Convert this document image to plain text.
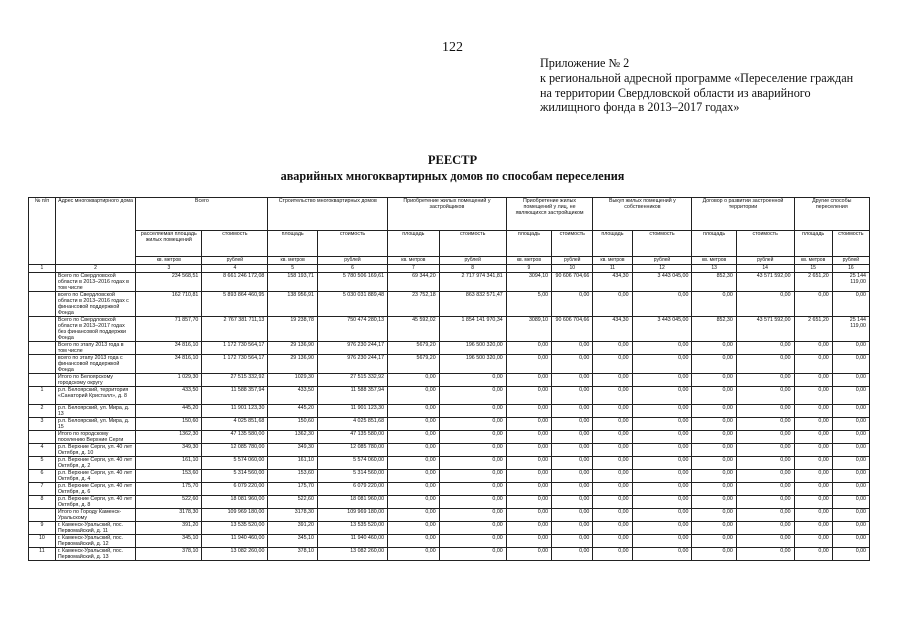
122
Приложение № 2
к региональной адресной программе «Переселение граждан
на территории Свердловской области из аварийного
жилищного фонда в 2013–2017 годах»
РЕЕСТР
аварийных многоквартирных домов по способам переселения
№ п/п	Адрес многоквартирного дома	Всего		Строительство многоквартирных домов		Приобретение жилых помещений у застройщиков		Приобретение жилых помещений у лиц, не являющихся застройщиком		Выкуп жилых помещений у собственников		Договор о развитии застроенной территории		Другие способы переселения	
		расселяемая площадь жилых помещений	стоимость	площадь	стоимость	площадь	стоимость	площадь	стоимость	площадь	стоимость	площадь	стоимость	площадь	стоимость
		кв. метров	рублей	кв. метров	рублей	кв. метров	рублей	кв. метров	рублей	кв. метров	рублей	кв. метров	рублей	кв. метров	рублей
1	2	3	4	5	6	7	8	9	10	11	12	13	14	15	16
	Всего по Свердловской области в 2013–2016 годах в том числе	234 568,51	8 661 246 172,08	158 193,71	5 780 506 169,61	69 344,20	2 717 974 341,81	3094,10	90 606 704,66	434,30	3 443 045,00	852,30	43 571 592,00	2 651,20	25 144 119,00
	всего по Свердловской области в 2013–2016 годах с финансовой поддержкой Фонда	162 710,81	5 893 864 460,95	138 956,91	5 030 031 889,48	23 752,18	863 832 571,47	5,00	0,00	0,00	0,00	0,00	0,00	0,00	0,00
	Всего по Свердловской области в 2013–2017 годах без финансовой поддержки Фонда	71 857,70	2 767 381 711,13	19 238,78	750 474 280,13	45 592,02	1 854 141 970,34	3089,10	90 606 704,66	434,30	3 443 045,00	852,30	43 571 592,00	2 651,20	25 144 119,00
	Всего по этапу 2013 года в том числе	34 816,10	1 172 730 564,17	29 136,90	976 230 244,17	5679,20	196 500 320,00	0,00	0,00	0,00	0,00	0,00	0,00	0,00	0,00
	всего по этапу 2013 года с финансовой поддержкой Фонда	34 816,10	1 172 730 564,17	29 136,90	976 230 244,17	5679,20	196 500 320,00	0,00	0,00	0,00	0,00	0,00	0,00	0,00	0,00
	Итого по Белоярскому городскому округу	1 029,30	27 515 332,92	1029,30	27 515 332,92	0,00	0,00	0,00	0,00	0,00	0,00	0,00	0,00	0,00	0,00
1	р.п. Белоярский, территория «Санаторий Кристалл», д. 8	433,50	11 588 357,94	433,50	11 588 357,94	0,00	0,00	0,00	0,00	0,00	0,00	0,00	0,00	0,00	0,00
2	р.п. Белоярский, ул. Мира, д. 13	445,20	11 901 123,30	445,20	11 901 123,30	0,00	0,00	0,00	0,00	0,00	0,00	0,00	0,00	0,00	0,00
3	р.п. Белоярский, ул. Мира, д. 15	150,60	4 025 851,68	150,60	4 025 851,68	0,00	0,00	0,00	0,00	0,00	0,00	0,00	0,00	0,00	0,00
	Итого по городскому поселению Верхние Серги	1362,30	47 135 580,00	1362,30	47 135 580,00	0,00	0,00	0,00	0,00	0,00	0,00	0,00	0,00	0,00	0,00
4	р.п. Верхние Серги, ул. 40 лет Октября, д. 10	349,30	12 085 780,00	349,30	12 085 780,00	0,00	0,00	0,00	0,00	0,00	0,00	0,00	0,00	0,00	0,00
5	р.п. Верхние Серги, ул. 40 лет Октября, д. 2	161,10	5 574 060,00	161,10	5 574 060,00	0,00	0,00	0,00	0,00	0,00	0,00	0,00	0,00	0,00	0,00
6	р.п. Верхние Серги, ул. 40 лет Октября, д. 4	153,60	5 314 560,00	153,60	5 314 560,00	0,00	0,00	0,00	0,00	0,00	0,00	0,00	0,00	0,00	0,00
7	р.п. Верхние Серги, ул. 40 лет Октября, д. 6	175,70	6 079 220,00	175,70	6 079 220,00	0,00	0,00	0,00	0,00	0,00	0,00	0,00	0,00	0,00	0,00
8	р.п. Верхние Серги, ул. 40 лет Октября, д. 8	522,60	18 081 960,00	522,60	18 081 960,00	0,00	0,00	0,00	0,00	0,00	0,00	0,00	0,00	0,00	0,00
	Итого по Городу Каменск-Уральскому	3178,30	109 969 180,00	3178,30	109 969 180,00	0,00	0,00	0,00	0,00	0,00	0,00	0,00	0,00	0,00	0,00
9	г. Каменск-Уральский, пос. Первомайский, д. 11	391,20	13 535 520,00	391,20	13 535 520,00	0,00	0,00	0,00	0,00	0,00	0,00	0,00	0,00	0,00	0,00
10	г. Каменск-Уральский, пос. Первомайский, д. 12	345,10	11 940 460,00	345,10	11 940 460,00	0,00	0,00	0,00	0,00	0,00	0,00	0,00	0,00	0,00	0,00
11	г. Каменск-Уральский, пос. Первомайский, д. 13	378,10	13 082 260,00	378,10	13 082 260,00	0,00	0,00	0,00	0,00	0,00	0,00	0,00	0,00	0,00	0,00
